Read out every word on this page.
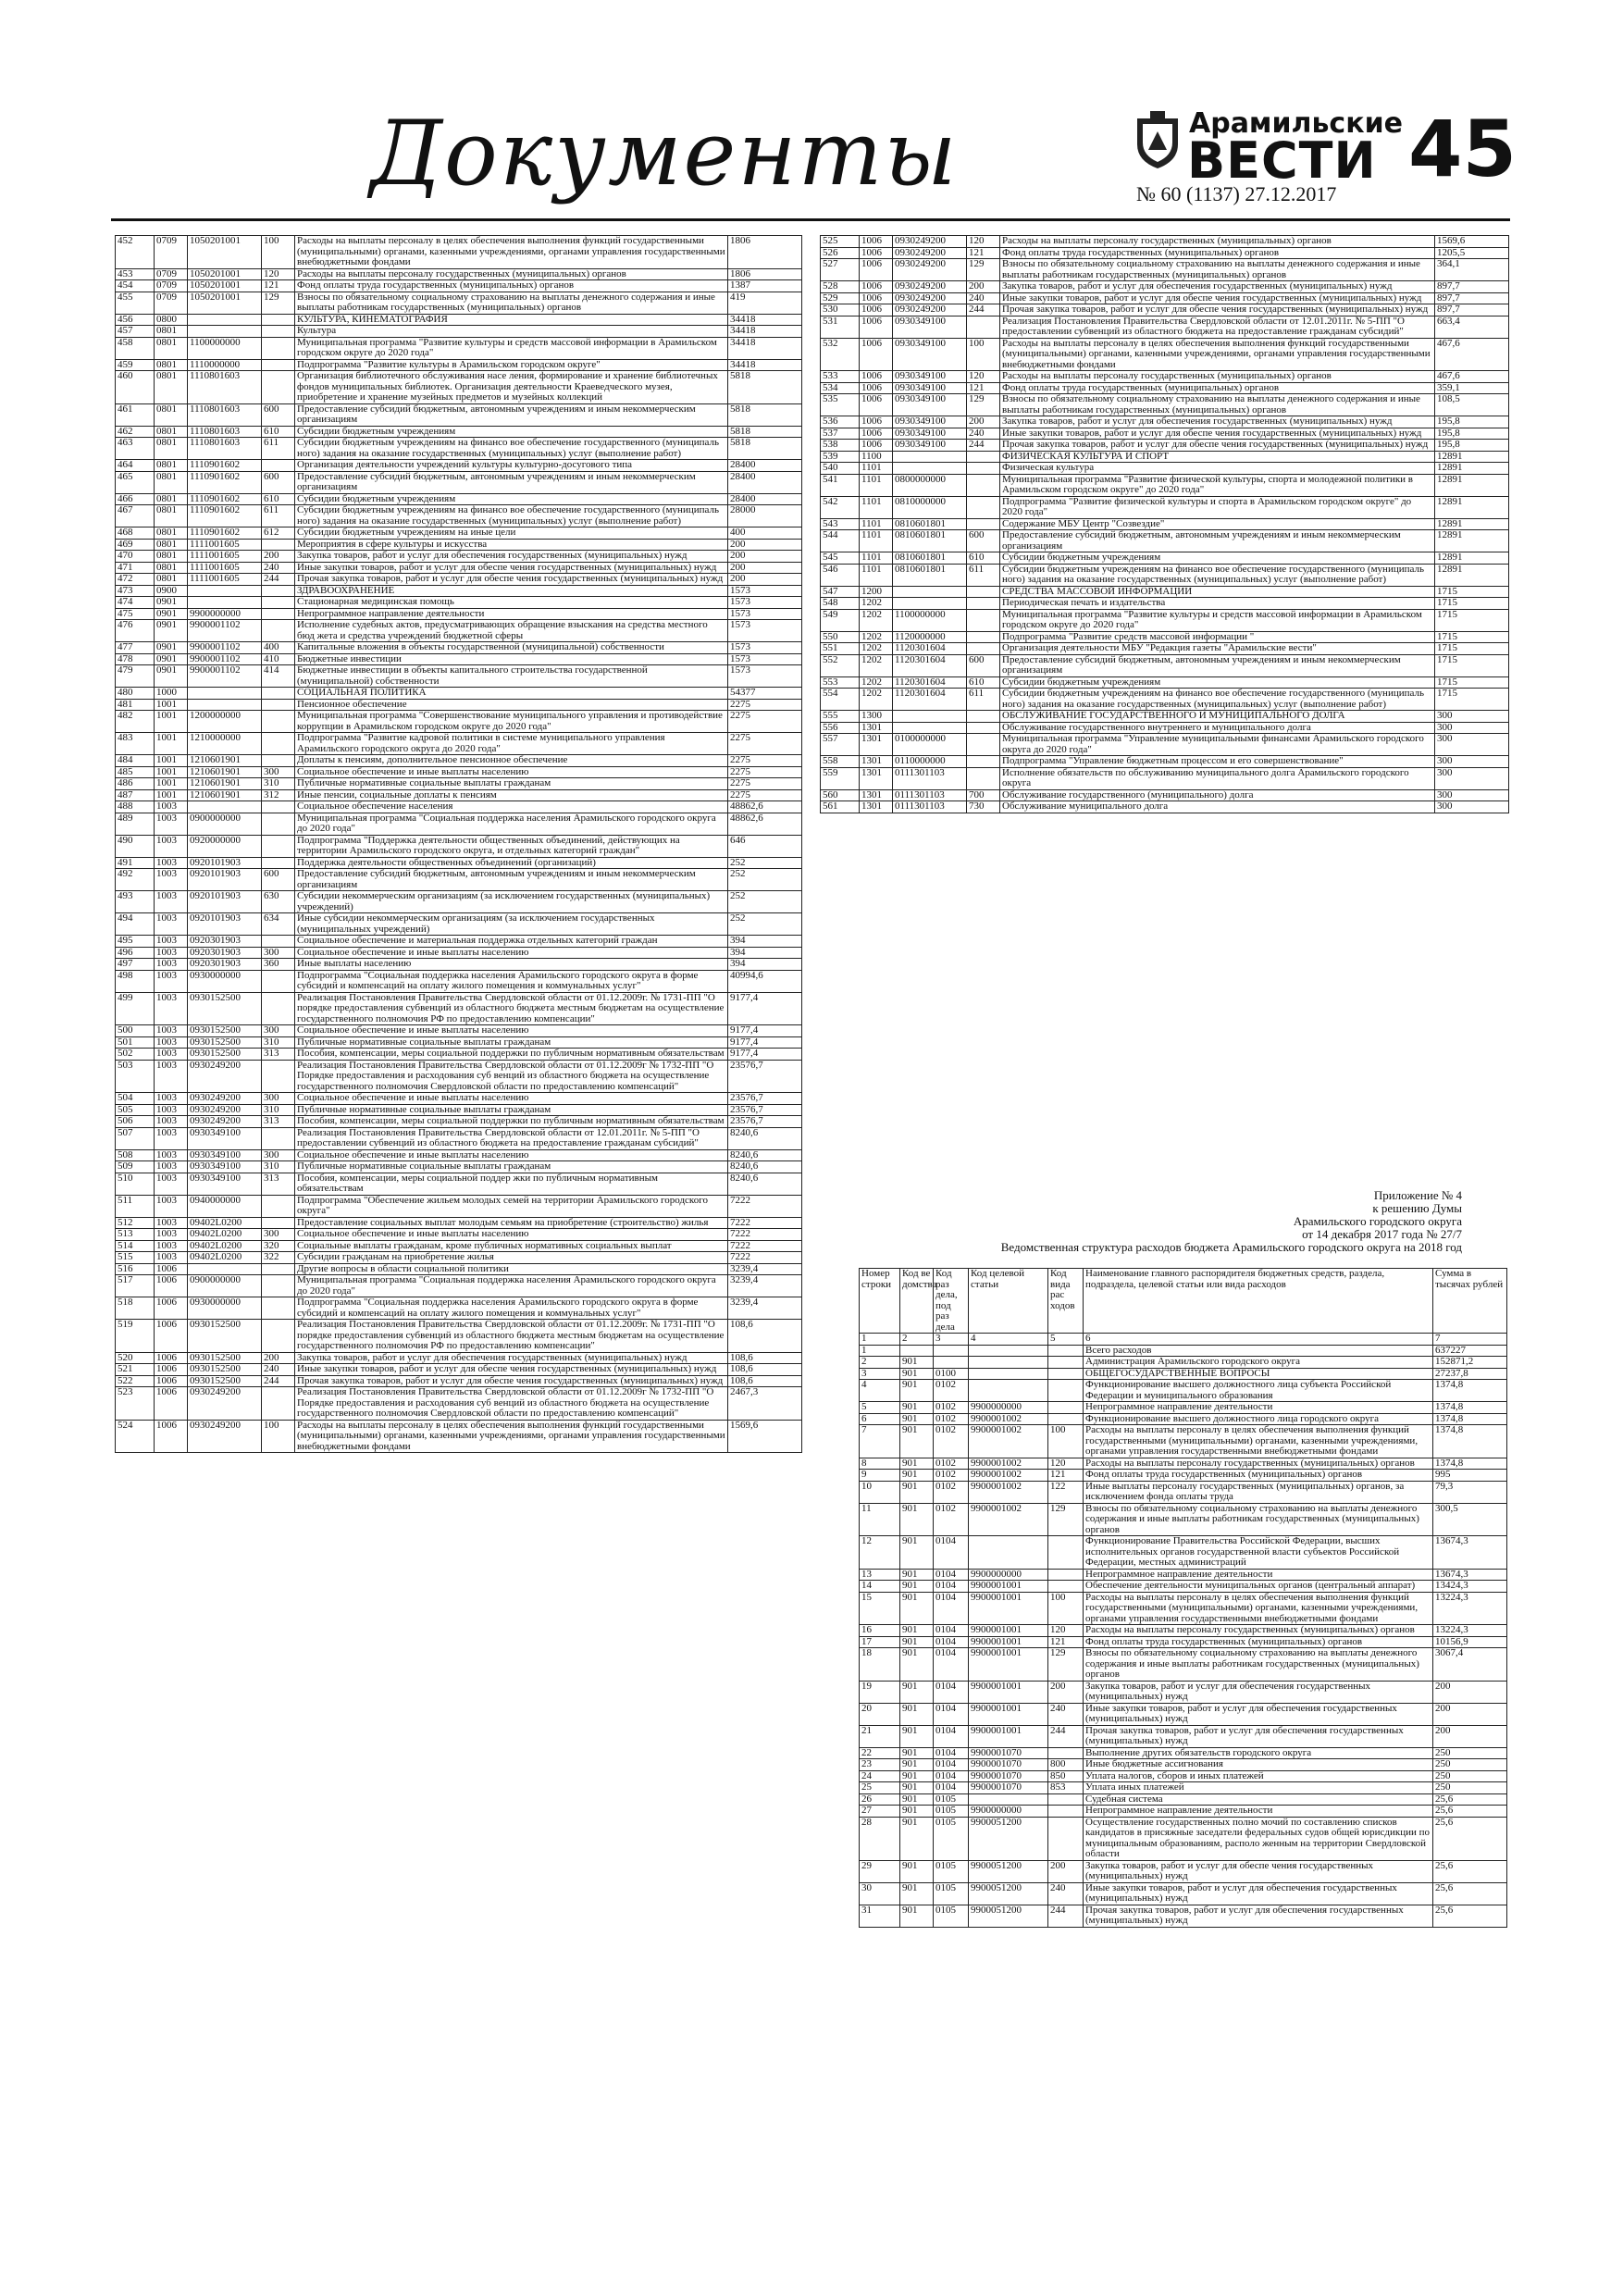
Документы	Арамильские
ВЕСТИ
№ 60 (1137) 27.12.2017 45
452	0709	1050201001	100	Расходы на выплаты персоналу в целях обеспечения выполнения функций государственными (муниципальными) органами, казенными учреждениями, органами управления государственными внебюджетными фондами	1806
453	0709	1050201001	120	Расходы на выплаты персоналу государственных (муниципальных) органов	1806
454	0709	1050201001	121	Фонд оплаты труда государственных (муниципальных) органов	1387
455	0709	1050201001	129	Взносы по обязательному социальному страхованию на выплаты денежного содержания и иные выплаты работникам государственных (муниципальных) органов	419
456	0800			КУЛЬТУРА, КИНЕМАТОГРАФИЯ	34418
457	0801			Культура	34418
458	0801	1100000000		Муниципальная программа "Развитие культуры и средств массовой информации в Арамильском городском округе до 2020 года"	34418
459	0801	1110000000		Подпрограмма "Развитие культуры в Арамильском городском округе"	34418
460	0801	1110801603		Организация библиотечного обслуживания насе ления, формирование и хранение библиотечных фондов муниципальных библиотек. Организация деятельности Краеведческого музея, приобретение и хранение музейных предметов и музейных коллекций	5818
461	0801	1110801603	600	Предоставление субсидий бюджетным, автономным учреждениям и иным некоммерческим организациям	5818
462	0801	1110801603	610	Субсидии бюджетным учреждениям	5818
463	0801	1110801603	611	Субсидии бюджетным учреждениям на финансо вое обеспечение государственного (муниципаль ного) задания на оказание государственных (муниципальных) услуг (выполнение работ)	5818
464	0801	1110901602		Организация деятельности учреждений культуры культурно-досугового типа	28400
465	0801	1110901602	600	Предоставление субсидий бюджетным, автономным учреждениям и иным некоммерческим организациям	28400
466	0801	1110901602	610	Субсидии бюджетным учреждениям	28400
467	0801	1110901602	611	Субсидии бюджетным учреждениям на финансо вое обеспечение государственного (муниципаль ного) задания на оказание государственных (муниципальных) услуг (выполнение работ)	28000
468	0801	1110901602	612	Субсидии бюджетным учреждениям на иные цели	400
469	0801	1111001605		Мероприятия в сфере культуры и искусства	200
470	0801	1111001605	200	Закупка товаров, работ и услуг для обеспечения государственных (муниципальных) нужд	200
471	0801	1111001605	240	Иные закупки товаров, работ и услуг для обеспе чения государственных (муниципальных) нужд	200
472	0801	1111001605	244	Прочая закупка товаров, работ и услуг для обеспе чения государственных (муниципальных) нужд	200
473	0900			ЗДРАВООХРАНЕНИЕ	1573
474	0901			Стационарная медицинская помощь	1573
475	0901	9900000000		Непрограммное направление деятельности	1573
476	0901	9900001102		Исполнение судебных актов, предусматривающих обращение взыскания на средства местного бюд жета и средства учреждений бюджетной сферы	1573
477	0901	9900001102	400	Капитальные вложения в объекты государственной (муниципальной) собственности	1573
478	0901	9900001102	410	Бюджетные инвестиции	1573
479	0901	9900001102	414	Бюджетные инвестиции в объекты капитального строительства государственной (муниципальной) собственности	1573
480	1000			СОЦИАЛЬНАЯ ПОЛИТИКА	54377
481	1001			Пенсионное обеспечение	2275
482	1001	1200000000		Муниципальная программа "Совершенствование муниципального управления и противодействие коррупции в Арамильском городском округе до 2020 года"	2275
483	1001	1210000000		Подпрограмма "Развитие кадровой политики в системе муниципального управления Арамильского городского округа до 2020 года"	2275
484	1001	1210601901		Доплаты к пенсиям, дополнительное пенсионное обеспечение	2275
485	1001	1210601901	300	Социальное обеспечение и иные выплаты населению	2275
486	1001	1210601901	310	Публичные нормативные социальные выплаты гражданам	2275
487	1001	1210601901	312	Иные пенсии, социальные доплаты к пенсиям	2275
488	1003			Социальное обеспечение населения	48862,6
489	1003	0900000000		Муниципальная программа "Социальная поддержка населения Арамильского городского округа до 2020 года"	48862,6
490	1003	0920000000		Подпрограмма "Поддержка деятельности общественных объединений, действующих на территории Арамильского городского округа, и отдельных категорий граждан"	646
491	1003	0920101903		Поддержка деятельности общественных объединений (организаций)	252
492	1003	0920101903	600	Предоставление субсидий бюджетным, автономным учреждениям и иным некоммерческим организациям	252
493	1003	0920101903	630	Субсидии некоммерческим организациям (за исключением государственных (муниципальных) учреждений)	252
494	1003	0920101903	634	Иные субсидии некоммерческим организациям (за исключением государственных (муниципальных учреждений)	252
495	1003	0920301903		Социальное обеспечение и материальная поддержка отдельных категорий граждан	394
496	1003	0920301903	300	Социальное обеспечение и иные выплаты населению	394
497	1003	0920301903	360	Иные выплаты населению	394
498	1003	0930000000		Подпрограмма "Социальная поддержка населения Арамильского городского округа в форме субсидий и компенсаций на оплату жилого помещения и коммунальных услуг"	40994,6
499	1003	0930152500		Реализация Постановления Правительства Свердловской области от 01.12.2009г. № 1731-ПП "О порядке предоставления субвенций из областного бюджета местным бюджетам на осуществление государственного полномочия РФ по предоставлению компенсации"	9177,4
500	1003	0930152500	300	Социальное обеспечение и иные выплаты населению	9177,4
501	1003	0930152500	310	Публичные нормативные социальные выплаты гражданам	9177,4
502	1003	0930152500	313	Пособия, компенсации, меры социальной поддержки по публичным нормативным обязательствам	9177,4
503	1003	0930249200		Реализация Постановления Правительства Свердловской области от 01.12.2009г № 1732-ПП "О Порядке предоставления и расходования суб венций из областного бюджета на осуществление государственного полномочия Свердловской области по предоставлению компенсаций"	23576,7
504	1003	0930249200	300	Социальное обеспечение и иные выплаты населению	23576,7
505	1003	0930249200	310	Публичные нормативные социальные выплаты гражданам	23576,7
506	1003	0930249200	313	Пособия, компенсации, меры социальной поддержки по публичным нормативным обязательствам	23576,7
507	1003	0930349100		Реализация Постановления Правительства Свердловской области от 12.01.2011г. № 5-ПП "О предоставлении субвенций из областного бюджета на предоставление гражданам субсидий"	8240,6
508	1003	0930349100	300	Социальное обеспечение и иные выплаты населению	8240,6
509	1003	0930349100	310	Публичные нормативные социальные выплаты гражданам	8240,6
510	1003	0930349100	313	Пособия, компенсации, меры социальной поддер жки по публичным нормативным обязательствам	8240,6
511	1003	0940000000		Подпрограмма "Обеспечение жильем молодых семей на территории Арамильского городского округа"	7222
512	1003	09402L0200		Предоставление социальных выплат молодым семьям на приобретение (строительство) жилья	7222
513	1003	09402L0200	300	Социальное обеспечение и иные выплаты населению	7222
514	1003	09402L0200	320	Социальные выплаты гражданам, кроме публичных нормативных социальных выплат	7222
515	1003	09402L0200	322	Субсидии гражданам на приобретение жилья	7222
516	1006			Другие вопросы в области социальной политики	3239,4
517	1006	0900000000		Муниципальная программа "Социальная поддержка населения Арамильского городского округа до 2020 года"	3239,4
518	1006	0930000000		Подпрограмма "Социальная поддержка населения Арамильского городского округа в форме субсидий и компенсаций на оплату жилого помещения и коммунальных услуг"	3239,4
519	1006	0930152500		Реализация Постановления Правительства Свердловской области от 01.12.2009г. № 1731-ПП "О порядке предоставления субвенций из областного бюджета местным бюджетам на осуществление государственного полномочия РФ по предоставлению компенсации"	108,6
520	1006	0930152500	200	Закупка товаров, работ и услуг для обеспечения государственных (муниципальных) нужд	108,6
521	1006	0930152500	240	Иные закупки товаров, работ и услуг для обеспе чения государственных (муниципальных) нужд	108,6
522	1006	0930152500	244	Прочая закупка товаров, работ и услуг для обеспе чения государственных (муниципальных) нужд	108,6
523	1006	0930249200		Реализация Постановления Правительства Свердловской области от 01.12.2009г № 1732-ПП "О Порядке предоставления и расходования суб венций из областного бюджета на осуществление государственного полномочия Свердловской области по предоставлению компенсаций"	2467,3
524	1006	0930249200	100	Расходы на выплаты персоналу в целях обеспечения выполнения функций государственными (муниципальными) органами, казенными учреждениями, органами управления государственными внебюджетными фондами	1569,6
525	1006	0930249200	120	Расходы на выплаты персоналу государственных (муниципальных) органов	1569,6
526	1006	0930249200	121	Фонд оплаты труда государственных (муниципальных) органов	1205,5
527	1006	0930249200	129	Взносы по обязательному социальному страхованию на выплаты денежного содержания и иные выплаты работникам государственных (муниципальных) органов	364,1
528	1006	0930249200	200	Закупка товаров, работ и услуг для обеспечения государственных (муниципальных) нужд	897,7
529	1006	0930249200	240	Иные закупки товаров, работ и услуг для обеспе чения государственных (муниципальных) нужд	897,7
530	1006	0930249200	244	Прочая закупка товаров, работ и услуг для обеспе чения государственных (муниципальных) нужд	897,7
531	1006	0930349100		Реализация Постановления Правительства Свердловской области от 12.01.2011г. № 5-ПП "О предоставлении субвенций из областного бюджета на предоставление гражданам субсидий"	663,4
532	1006	0930349100	100	Расходы на выплаты персоналу в целях обеспечения выполнения функций государственными (муниципальными) органами, казенными учреждениями, органами управления государственными внебюджетными фондами	467,6
533	1006	0930349100	120	Расходы на выплаты персоналу государственных (муниципальных) органов	467,6
534	1006	0930349100	121	Фонд оплаты труда государственных (муниципальных) органов	359,1
535	1006	0930349100	129	Взносы по обязательному социальному страхованию на выплаты денежного содержания и иные выплаты работникам государственных (муниципальных) органов	108,5
536	1006	0930349100	200	Закупка товаров, работ и услуг для обеспечения государственных (муниципальных) нужд	195,8
537	1006	0930349100	240	Иные закупки товаров, работ и услуг для обеспе чения государственных (муниципальных) нужд	195,8
538	1006	0930349100	244	Прочая закупка товаров, работ и услуг для обеспе чения государственных (муниципальных) нужд	195,8
539	1100			ФИЗИЧЕСКАЯ КУЛЬТУРА И СПОРТ	12891
540	1101			Физическая культура	12891
541	1101	0800000000		Муниципальная программа "Развитие физической культуры, спорта и молодежной политики в Арамильском городском округе" до 2020 года"	12891
542	1101	0810000000		Подпрограмма "Развитие физической культуры и спорта в Арамильском городском округе" до 2020 года"	12891
543	1101	0810601801		Содержание МБУ Центр "Созвездие"	12891
544	1101	0810601801	600	Предоставление субсидий бюджетным, автономным учреждениям и иным некоммерческим организациям	12891
545	1101	0810601801	610	Субсидии бюджетным учреждениям	12891
546	1101	0810601801	611	Субсидии бюджетным учреждениям на финансо вое обеспечение государственного (муниципаль ного) задания на оказание государственных (муниципальных) услуг (выполнение работ)	12891
547	1200			СРЕДСТВА МАССОВОЙ ИНФОРМАЦИИ	1715
548	1202			Периодическая печать и издательства	1715
549	1202	1100000000		Муниципальная программа "Развитие культуры и средств массовой информации в Арамильском городском округе до 2020 года"	1715
550	1202	1120000000		Подпрограмма "Развитие средств массовой информации "	1715
551	1202	1120301604		Организация деятельности МБУ "Редакция газеты "Арамильские вести"	1715
552	1202	1120301604	600	Предоставление субсидий бюджетным, автономным учреждениям и иным некоммерческим организациям	1715
553	1202	1120301604	610	Субсидии бюджетным учреждениям	1715
554	1202	1120301604	611	Субсидии бюджетным учреждениям на финансо вое обеспечение государственного (муниципаль ного) задания на оказание государственных (муниципальных) услуг (выполнение работ)	1715
555	1300			ОБСЛУЖИВАНИЕ ГОСУДАРСТВЕННОГО И МУНИЦИПАЛЬНОГО ДОЛГА	300
556	1301			Обслуживание государственного внутреннего и муниципального долга	300
557	1301	0100000000		Муниципальная программа "Управление муниципальными финансами Арамильского городского округа до 2020 года"	300
558	1301	0110000000		Подпрограмма "Управление бюджетным процессом и его совершенствование"	300
559	1301	0111301103		Исполнение обязательств по обслуживанию муниципального долга Арамильского городского округа	300
560	1301	0111301103	700	Обслуживание государственного (муниципального) долга	300
561	1301	0111301103	730	Обслуживание муниципального долга	300
Приложение № 4
к решению Думы
Арамильского городского округа
от 14 декабря 2017 года № 27/7
Ведомственная структура расходов бюджета Арамильского городского округа на 2018 год
Номер строки	Код ве домства	Код раз дела, под раз дела	Код целевой статьи	Код вида рас ходов	Наименование главного распорядителя бюджетных средств, раздела, подраздела, целевой статьи или вида расходов	Сумма в тысячах рублей
1	2	3	4	5	6	7
1					Всего расходов	637227
2	901				Администрация Арамильского городского округа	152871,2
3	901	0100			ОБЩЕГОСУДАРСТВЕННЫЕ ВОПРОСЫ	27237,8
4	901	0102			Функционирование высшего должностного лица субъекта Российской Федерации и муниципального образования	1374,8
5	901	0102	9900000000		Непрограммное направление деятельности	1374,8
6	901	0102	9900001002		Функционирование высшего должностного лица городского округа	1374,8
7	901	0102	9900001002	100	Расходы на выплаты персоналу в целях обеспечения выполнения функций государственными (муниципальными) органами, казенными учреждениями, органами управления государственными внебюджетными фондами	1374,8
8	901	0102	9900001002	120	Расходы на выплаты персоналу государственных (муниципальных) органов	1374,8
9	901	0102	9900001002	121	Фонд оплаты труда государственных (муниципальных) органов	995
10	901	0102	9900001002	122	Иные выплаты персоналу государственных (муниципальных) органов, за исключением фонда оплаты труда	79,3
11	901	0102	9900001002	129	Взносы по обязательному социальному страхованию на выплаты денежного содержания и иные выплаты работникам государственных (муниципальных) органов	300,5
12	901	0104			Функционирование Правительства Российской Федерации, высших исполнительных органов государственной власти субъектов Российской Федерации, местных администраций	13674,3
13	901	0104	9900000000		Непрограммное направление деятельности	13674,3
14	901	0104	9900001001		Обеспечение деятельности муниципальных органов (центральный аппарат)	13424,3
15	901	0104	9900001001	100	Расходы на выплаты персоналу в целях обеспечения выполнения функций государственными (муниципальными) органами, казенными учреждениями, органами управления государственными внебюджетными фондами	13224,3
16	901	0104	9900001001	120	Расходы на выплаты персоналу государственных (муниципальных) органов	13224,3
17	901	0104	9900001001	121	Фонд оплаты труда государственных (муниципальных) органов	10156,9
18	901	0104	9900001001	129	Взносы по обязательному социальному страхованию на выплаты денежного содержания и иные выплаты работникам государственных (муниципальных) органов	3067,4
19	901	0104	9900001001	200	Закупка товаров, работ и услуг для обеспечения государственных (муниципальных) нужд	200
20	901	0104	9900001001	240	Иные закупки товаров, работ и услуг для обеспечения государственных (муниципальных) нужд	200
21	901	0104	9900001001	244	Прочая закупка товаров, работ и услуг для обеспечения государственных (муниципальных) нужд	200
22	901	0104	9900001070		Выполнение других обязательств городского округа	250
23	901	0104	9900001070	800	Иные бюджетные ассигнования	250
24	901	0104	9900001070	850	Уплата налогов, сборов и иных платежей	250
25	901	0104	9900001070	853	Уплата иных платежей	250
26	901	0105			Судебная система	25,6
27	901	0105	9900000000		Непрограммное направление деятельности	25,6
28	901	0105	9900051200		Осуществление государственных полно мочий по составлению списков кандидатов в присяжные заседатели федеральных судов общей юрисдикции по муниципальным образованиям, располо женным на территории Свердловской области	25,6
29	901	0105	9900051200	200	Закупка товаров, работ и услуг для обеспе чения государственных (муниципальных) нужд	25,6
30	901	0105	9900051200	240	Иные закупки товаров, работ и услуг для обеспечения государственных (муниципальных) нужд	25,6
31	901	0105	9900051200	244	Прочая закупка товаров, работ и услуг для обеспечения государственных (муниципальных) нужд	25,6
